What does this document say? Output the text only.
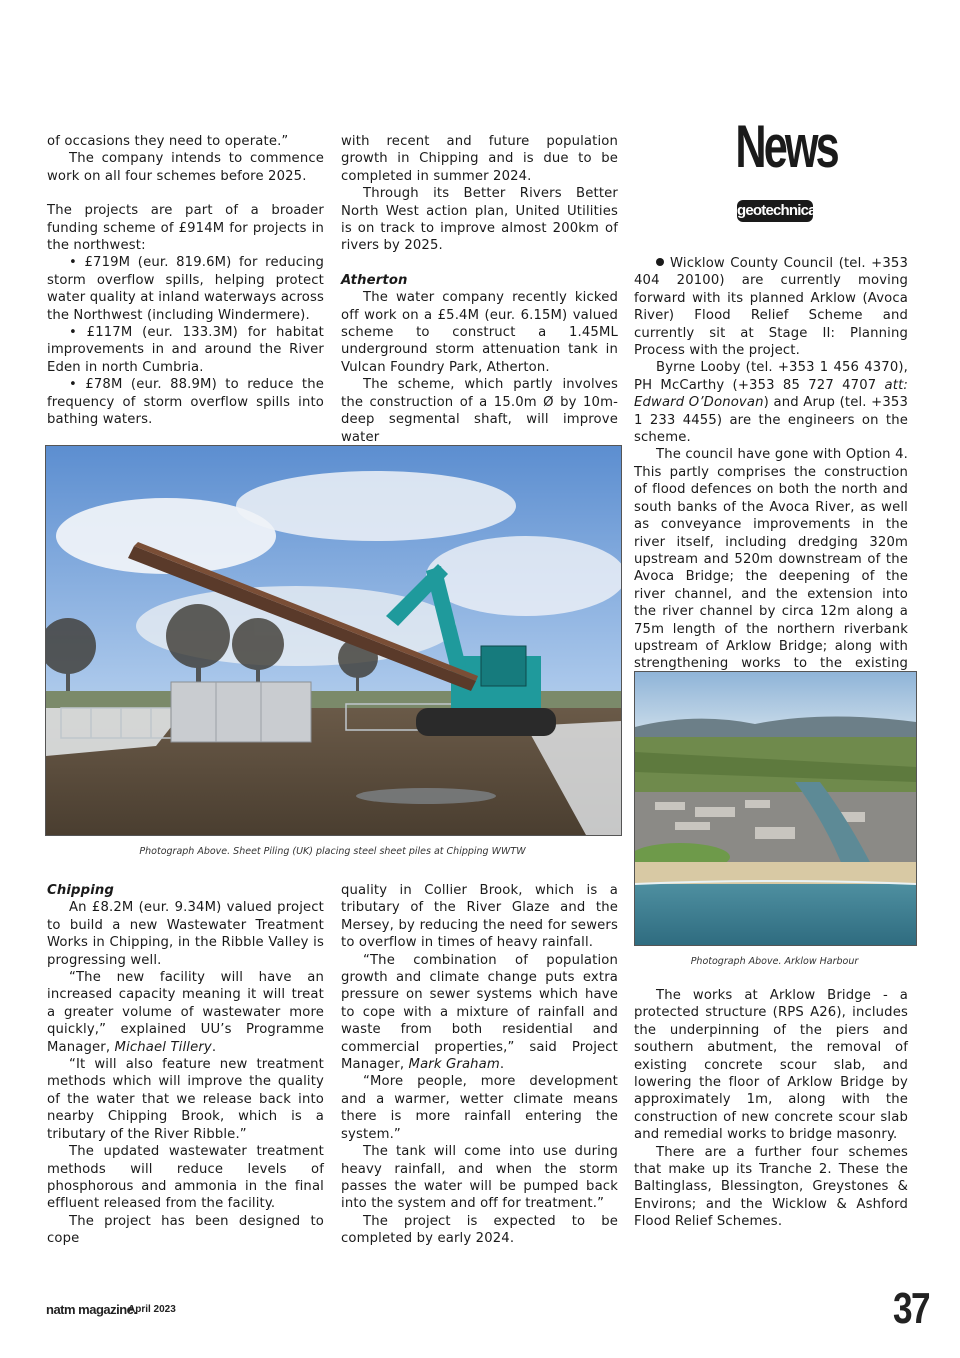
News
geotechnical

of occasions they need to operate.”

The company intends to commence work on all four schemes before 2025.

The projects are part of a broader funding scheme of £914M for projects in the northwest:

• £719M (eur. 819.6M) for reducing storm overflow spills, helping protect water quality at inland waterways across the Northwest (including Windermere).

• £117M (eur. 133.3M) for habitat improvements in and around the River Eden in north Cumbria.

• £78M (eur. 88.9M) to reduce the frequency of storm overflow spills into bathing waters.

with recent and future population growth in Chipping and is due to be completed in summer 2024.

Through its Better Rivers Better North West action plan, United Utilities is on track to improve almost 200km of rivers by 2025.

Atherton

The water company recently kicked off work on a £5.4M (eur. 6.15M) valued scheme to construct a 1.45ML underground storm attenuation tank in Vulcan Foundry Park, Atherton.

The scheme, which partly involves the construction of a 15.0m Ø by 10m-deep segmental shaft, will improve water

Wicklow County Council (tel. +353 404 20100) are currently moving forward with its planned Arklow (Avoca River) Flood Relief Scheme and currently sit at Stage II: Planning Process with the project.

Byrne Looby (tel. +353 1 456 4370), PH McCarthy (+353 85 727 4707 att: Edward O’Donovan) and Arup (tel. +353 1 233 4455) are the engineers on the scheme.

The council have gone with Option 4. This partly comprises the construction of flood defences on both the north and south banks of the Avoca River, as well as conveyance improvements in the river itself, including dredging 320m upstream and 520m downstream of the Avoca Bridge; the deepening of the river channel, and the extension into the river channel by circa 12m along a 75m length of the northern riverbank upstream of Arklow Bridge; along with strengthening works to the existing

Photograph Above. Sheet Piling (UK) placing steel sheet piles at Chipping WWTW
Photograph Above. Arklow Harbour

Chipping

An £8.2M (eur. 9.34M) valued project to build a new Wastewater Treatment Works in Chipping, in the Ribble Valley is progressing well.

“The new facility will have an increased capacity meaning it will treat a greater volume of wastewater more quickly,” explained UU’s Programme Manager, Michael Tillery.

“It will also feature new treatment methods which will improve the quality of the water that we release back into nearby Chipping Brook, which is a tributary of the River Ribble.”

The updated wastewater treatment methods will reduce levels of phosphorous and ammonia in the final effluent released from the facility.

The project has been designed to cope

quality in Collier Brook, which is a tributary of the River Glaze and the Mersey, by reducing the need for sewers to overflow in times of heavy rainfall.

“The combination of population growth and climate change puts extra pressure on sewer systems which have to cope with a mixture of rainfall and waste from both residential and commercial properties,” said Project Manager, Mark Graham.

“More people, more development and a warmer, wetter climate means there is more rainfall entering the system.”

The tank will come into use during heavy rainfall, and when the storm passes the water will be pumped back into the system and off for treatment.”

The project is expected to be completed by early 2024.

The works at Arklow Bridge - a protected structure (RPS A26), includes the underpinning of the piers and southern abutment, the removal of existing concrete scour slab, and lowering the floor of Arklow Bridge by approximately 1m, along with the construction of new concrete scour slab and remedial works to bridge masonry.

There are a further four schemes that make up its Tranche 2. These the Baltinglass, Blessington, Greystones & Environs; and the Wicklow & Ashford Flood Relief Schemes.

natm magazine.
April 2023	37
